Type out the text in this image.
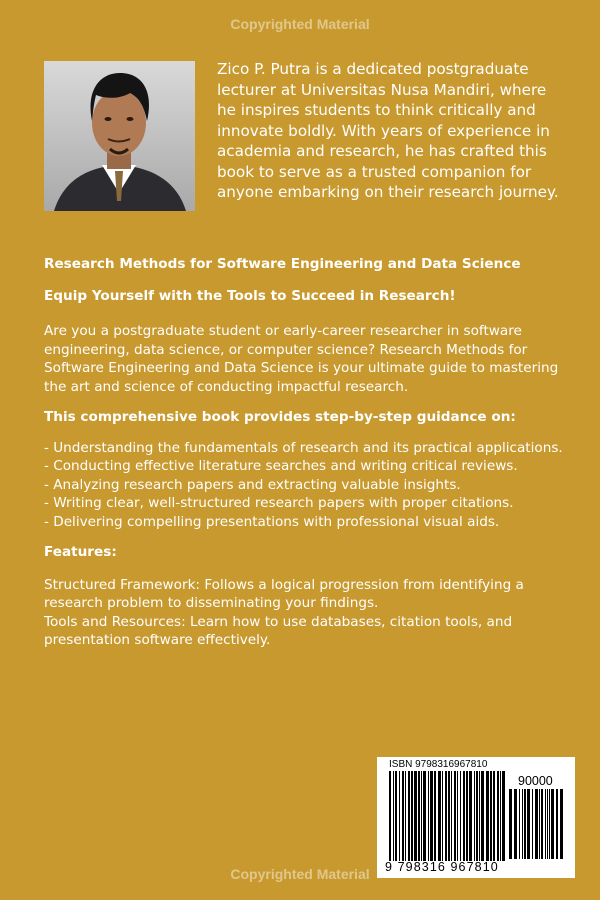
Copyrighted Material
Zico P. Putra is a dedicated postgraduate lecturer at Universitas Nusa Mandiri, where he inspires students to think critically and innovate boldly. With years of experience in academia and research, he has crafted this book to serve as a trusted companion for anyone embarking on their research journey.

Research Methods for Software Engineering and Data Science

Equip Yourself with the Tools to Succeed in Research!

Are you a postgraduate student or early-career researcher in software engineering, data science, or computer science? Research Methods for Software Engineering and Data Science is your ultimate guide to mastering the art and science of conducting impactful research.

This comprehensive book provides step-by-step guidance on:

- Understanding the fundamentals of research and its practical applications.

- Conducting effective literature searches and writing critical reviews.

- Analyzing research papers and extracting valuable insights.

- Writing clear, well-structured research papers with proper citations.

- Delivering compelling presentations with professional visual aids.

Features:

Structured Framework: Follows a logical progression from identifying a research problem to disseminating your findings.

Tools and Resources: Learn how to use databases, citation tools, and presentation software effectively.

ISBN 9798316967810
90000
9 798316 967810
Copyrighted Material
